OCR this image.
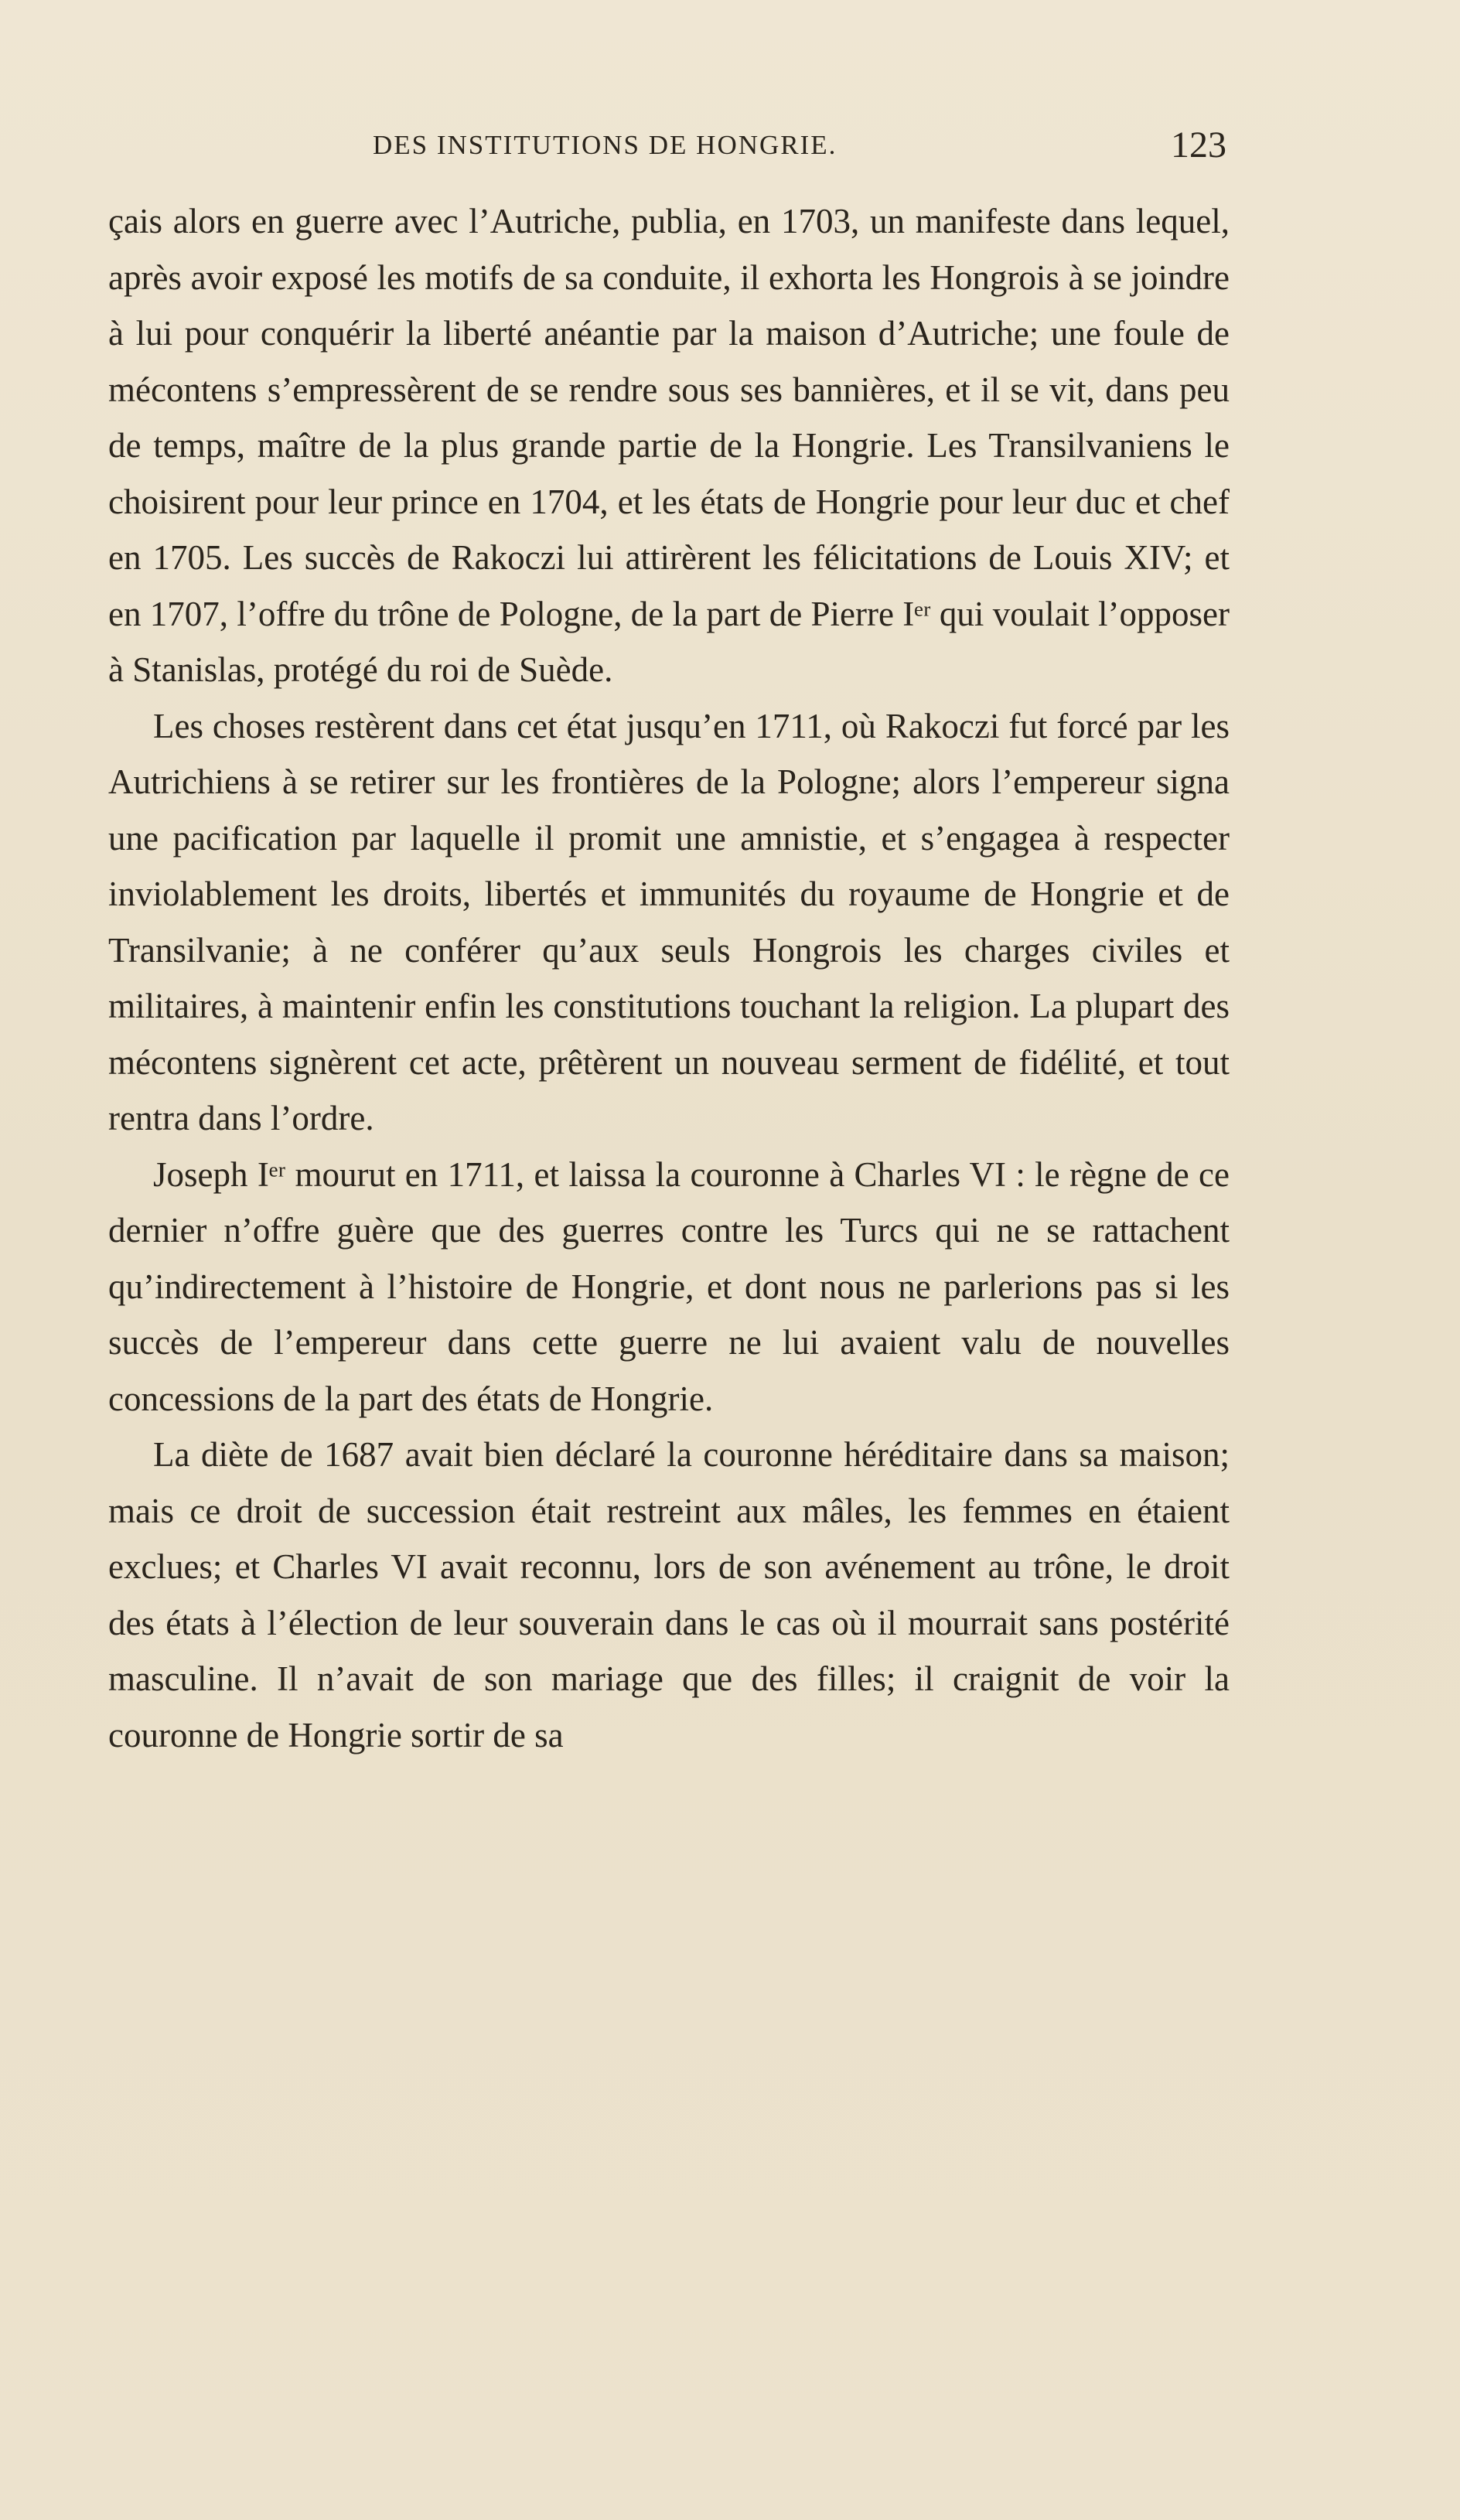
DES INSTITUTIONS DE HONGRIE.	123

çais alors en guerre avec l’Autriche, publia, en 1703, un manifeste dans lequel, après avoir exposé les motifs de sa conduite, il exhorta les Hongrois à se joindre à lui pour conquérir la liberté anéantie par la maison d’Autriche; une foule de mécontens s’empressèrent de se rendre sous ses bannières, et il se vit, dans peu de temps, maître de la plus grande partie de la Hongrie. Les Transilvaniens le choisirent pour leur prince en 1704, et les états de Hongrie pour leur duc et chef en 1705. Les succès de Rakoczi lui attirèrent les félicitations de Louis XIV; et en 1707, l’offre du trône de Pologne, de la part de Pierre Iᵉʳ qui voulait l’opposer à Stanislas, protégé du roi de Suède.

Les choses restèrent dans cet état jusqu’en 1711, où Rakoczi fut forcé par les Autrichiens à se retirer sur les frontières de la Pologne; alors l’empereur signa une pacification par laquelle il promit une amnistie, et s’engagea à respecter inviolablement les droits, libertés et immunités du royaume de Hongrie et de Transilvanie; à ne conférer qu’aux seuls Hongrois les charges civiles et militaires, à maintenir enfin les constitutions touchant la religion. La plupart des mécontens signèrent cet acte, prêtèrent un nouveau serment de fidélité, et tout rentra dans l’ordre.

Joseph Iᵉʳ mourut en 1711, et laissa la couronne à Charles VI : le règne de ce dernier n’offre guère que des guerres contre les Turcs qui ne se rattachent qu’indirectement à l’histoire de Hongrie, et dont nous ne parlerions pas si les succès de l’empereur dans cette guerre ne lui avaient valu de nouvelles concessions de la part des états de Hongrie.

La diète de 1687 avait bien déclaré la couronne héréditaire dans sa maison; mais ce droit de succession était restreint aux mâles, les femmes en étaient exclues; et Charles VI avait reconnu, lors de son avénement au trône, le droit des états à l’élection de leur souverain dans le cas où il mourrait sans postérité masculine. Il n’avait de son mariage que des filles; il craignit de voir la couronne de Hongrie sortir de sa
